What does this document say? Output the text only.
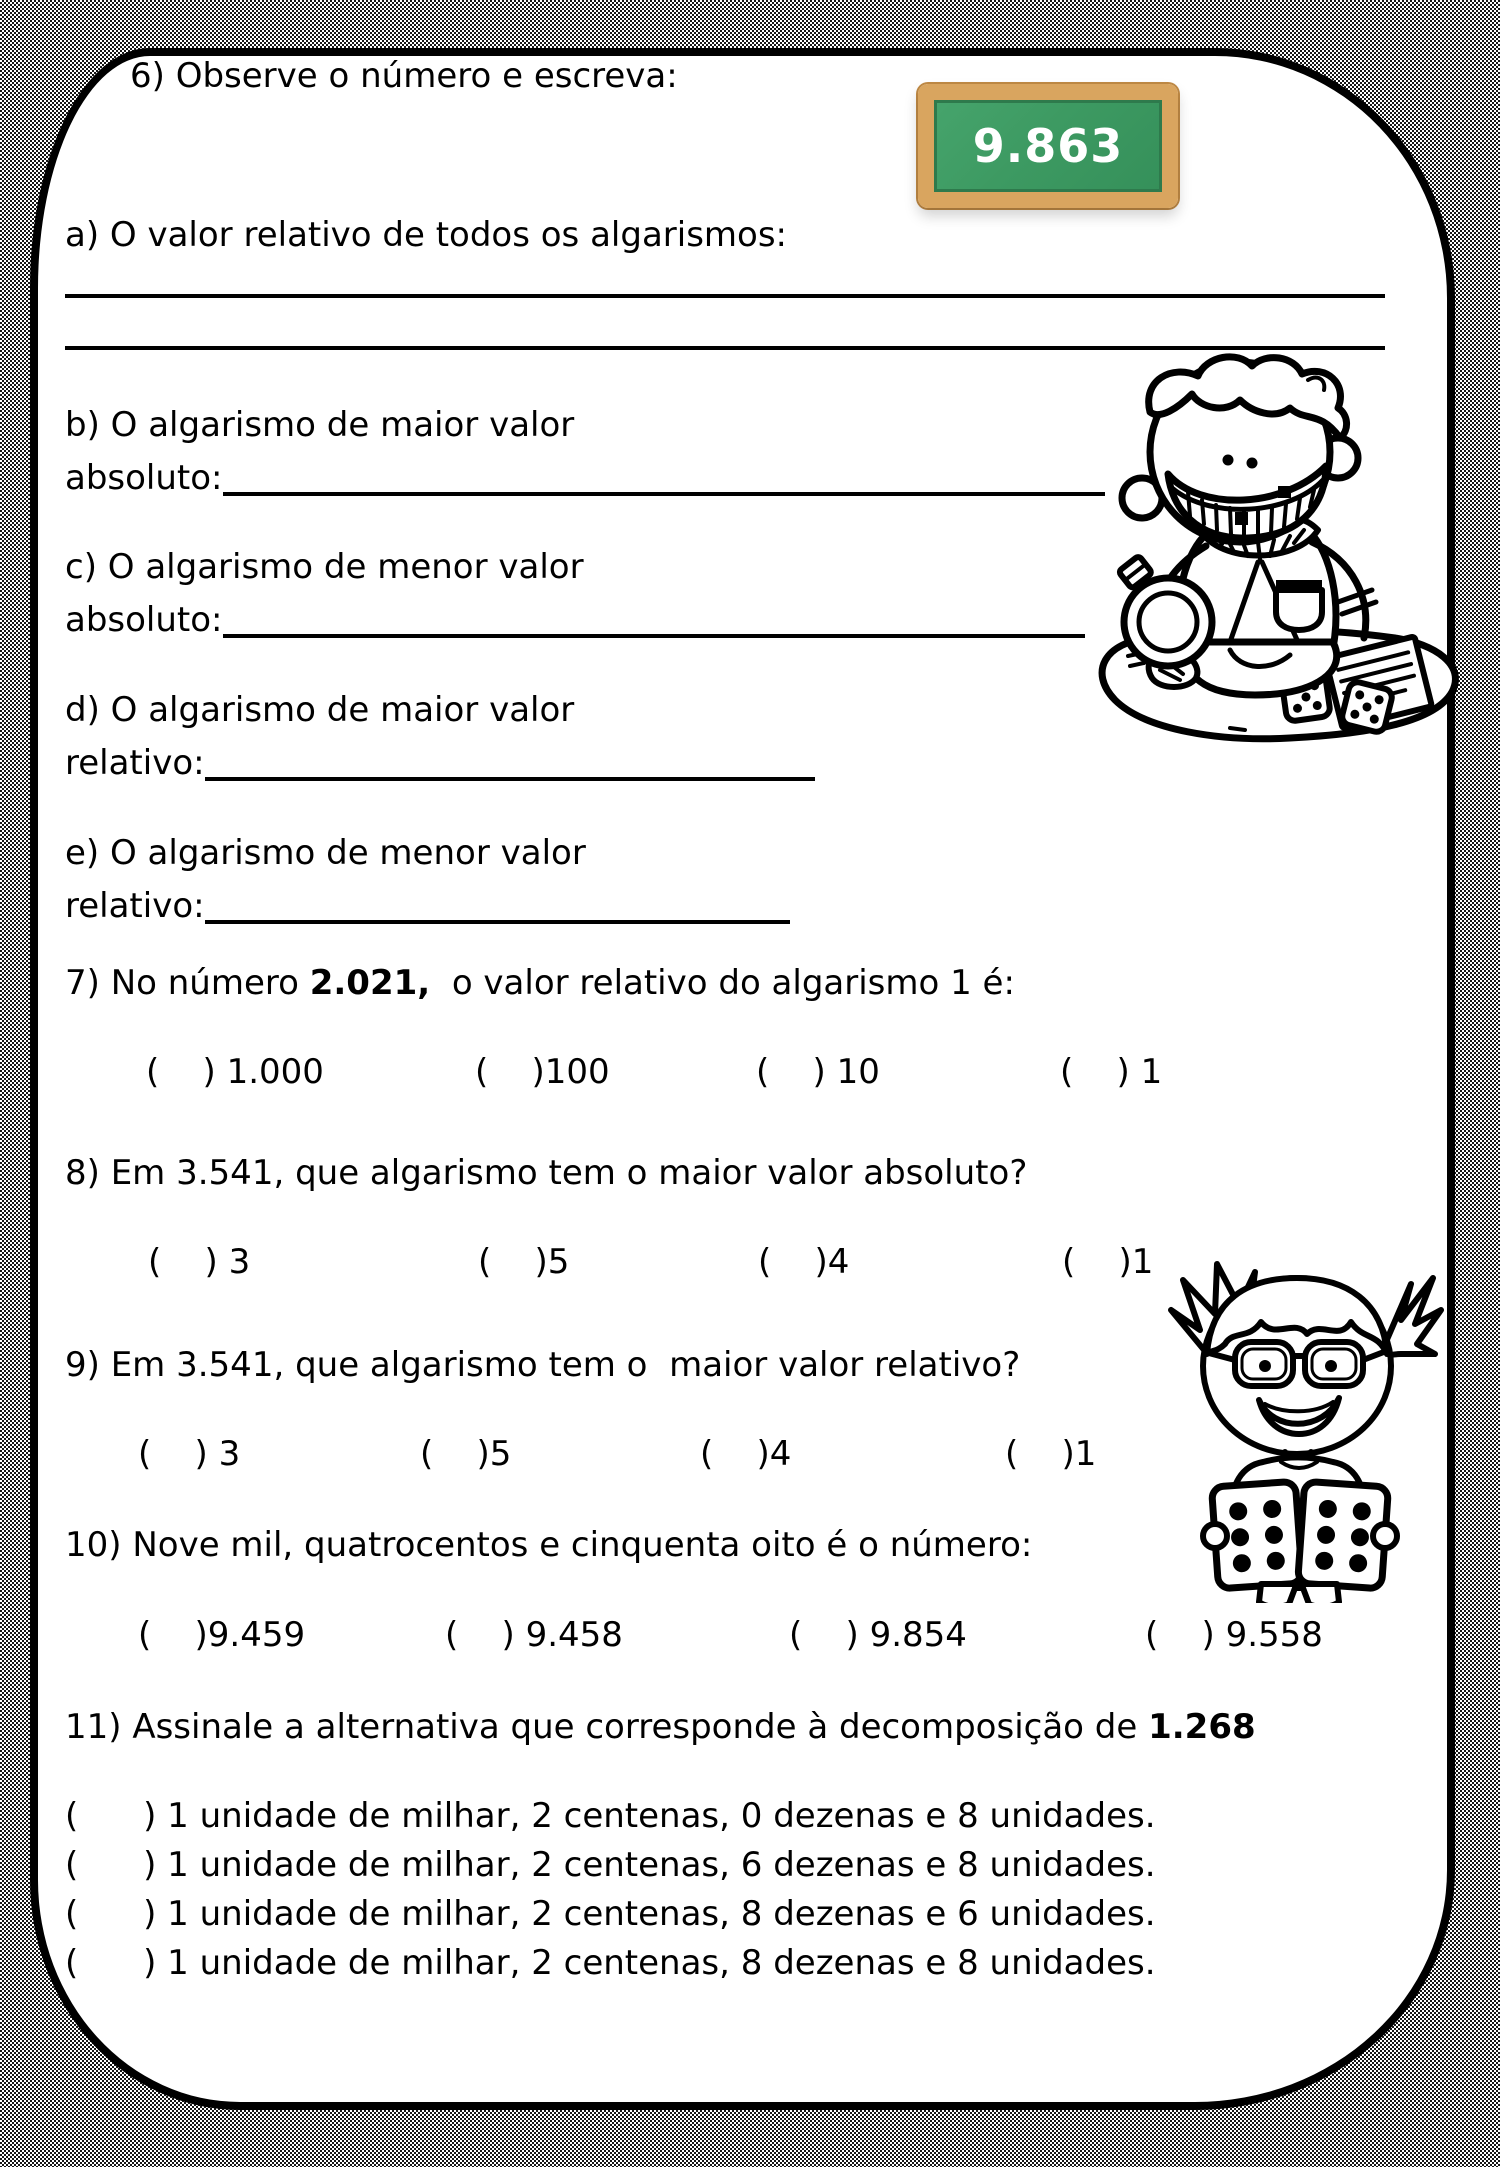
6) Observe o número e escreva:
9.863
a) O valor relativo de todos os algarismos:
b) O algarismo de maior valor
absoluto:
c) O algarismo de menor valor
absoluto:
d) O algarismo de maior valor
relativo:
e) O algarismo de menor valor
relativo:
7) No número 2.021,  o valor relativo do algarismo 1 é:
(    ) 1.000	(    )100	(    ) 10	(    ) 1
8) Em 3.541, que algarismo tem o maior valor absoluto?
(    ) 3	(    )5	(    )4	(    )1
9) Em 3.541, que algarismo tem o  maior valor relativo?
(    ) 3	(    )5	(    )4	(    )1
10) Nove mil, quatrocentos e cinquenta oito é o número:
(    )9.459	(    ) 9.458	(    ) 9.854	(    ) 9.558
11) Assinale a alternativa que corresponde à decomposição de 1.268
(      ) 1 unidade de milhar, 2 centenas, 0 dezenas e 8 unidades.
(      ) 1 unidade de milhar, 2 centenas, 6 dezenas e 8 unidades.
(      ) 1 unidade de milhar, 2 centenas, 8 dezenas e 6 unidades.
(      ) 1 unidade de milhar, 2 centenas, 8 dezenas e 8 unidades.
